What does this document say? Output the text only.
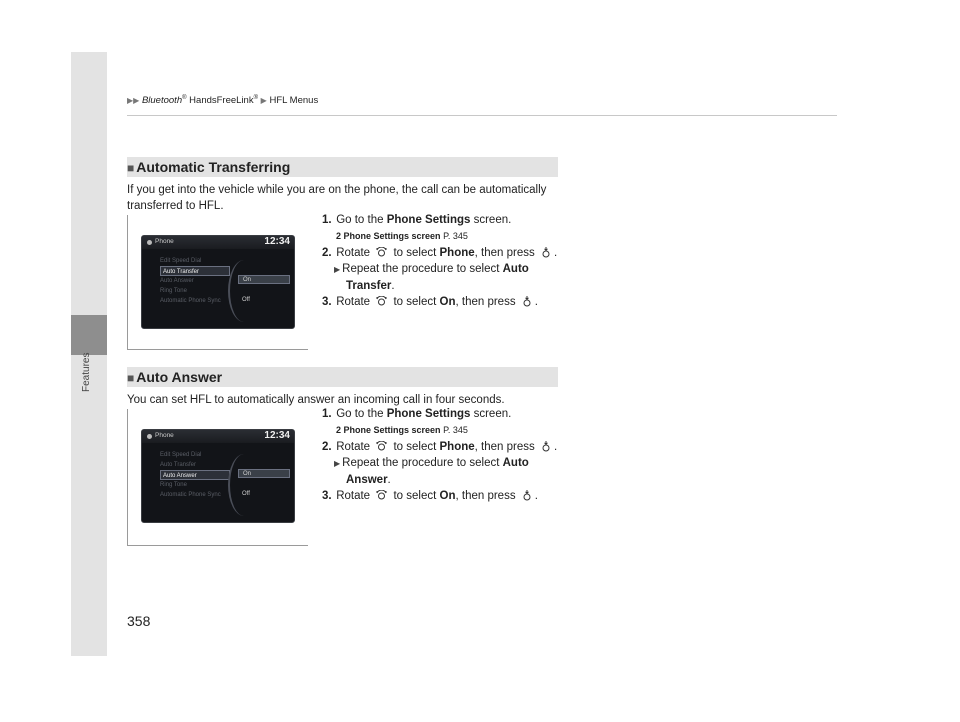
Features
▶▶ Bluetooth® HandsFreeLink® ▶ HFL Menus
■ Automatic Transferring
If you get into the vehicle while you are on the phone, the call can be automatically transferred to HFL.
Phone	12:34
Edit Speed Dial
Auto Transfer
Auto Answer
Ring Tone
Automatic Phone Sync
On
Off
1. Go to the Phone Settings screen.
2 Phone Settings screen P. 345
2. Rotate  to select Phone, then press .
▶ Repeat the procedure to select Auto
Transfer.
3. Rotate  to select On, then press .
■ Auto Answer
You can set HFL to automatically answer an incoming call in four seconds.
Phone	12:34
Edit Speed Dial
Auto Transfer
Auto Answer
Ring Tone
Automatic Phone Sync
On
Off
1. Go to the Phone Settings screen.
2 Phone Settings screen P. 345
2. Rotate  to select Phone, then press .
▶ Repeat the procedure to select Auto
Answer.
3. Rotate  to select On, then press .
358
